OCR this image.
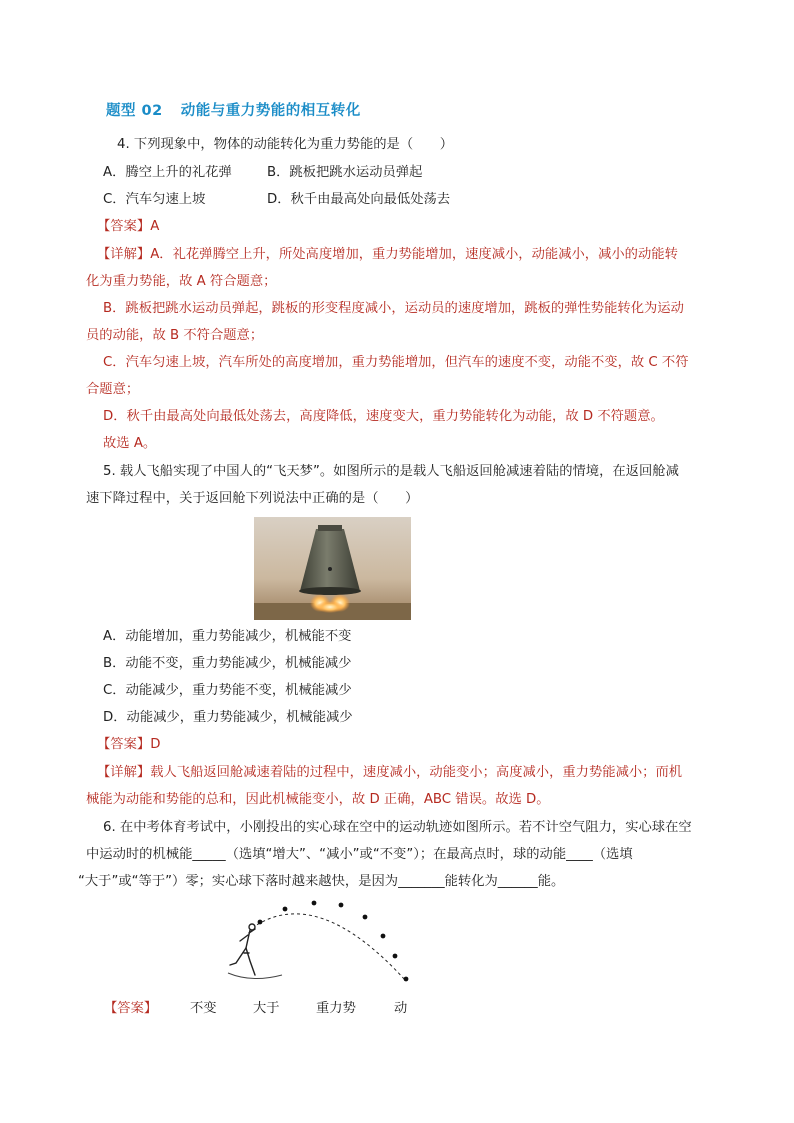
题型 02 动能与重力势能的相互转化
4. 下列现象中，物体的动能转化为重力势能的是（　　）
A．腾空上升的礼花弹	B．跳板把跳水运动员弹起
C．汽车匀速上坡	D．秋千由最高处向最低处荡去
【答案】A
【详解】A．礼花弹腾空上升，所处高度增加，重力势能增加，速度减小，动能减小，减小的动能转
化为重力势能，故 A 符合题意；
B．跳板把跳水运动员弹起，跳板的形变程度减小，运动员的速度增加，跳板的弹性势能转化为运动
员的动能，故 B 不符合题意；
C．汽车匀速上坡，汽车所处的高度增加，重力势能增加，但汽车的速度不变，动能不变，故 C 不符
合题意；
D．秋千由最高处向最低处荡去，高度降低，速度变大，重力势能转化为动能，故 D 不符题意。
故选 A。
5. 载人飞船实现了中国人的“飞天梦”。如图所示的是载人飞船返回舱减速着陆的情境，在返回舱减
速下降过程中，关于返回舱下列说法中正确的是（　　）
A．动能增加，重力势能减少，机械能不变
B．动能不变，重力势能减少，机械能减少
C．动能减少，重力势能不变，机械能减少
D．动能减少，重力势能减少，机械能减少
【答案】D
【详解】载人飞船返回舱减速着陆的过程中，速度减小，动能变小；高度减小，重力势能减小；而机
械能为动能和势能的总和，因此机械能变小，故 D 正确，ABC 错误。故选 D。
6. 在中考体育考试中，小刚投出的实心球在空中的运动轨迹如图所示。若不计空气阻力，实心球在空
中运动时的机械能_____（选填“增大”、“减小”或“不变”）；在最高点时，球的动能____（选填
“大于”或“等于”）零；实心球下落时越来越快，是因为_______能转化为______能。
【答案】 不变	大于	重力势	动
